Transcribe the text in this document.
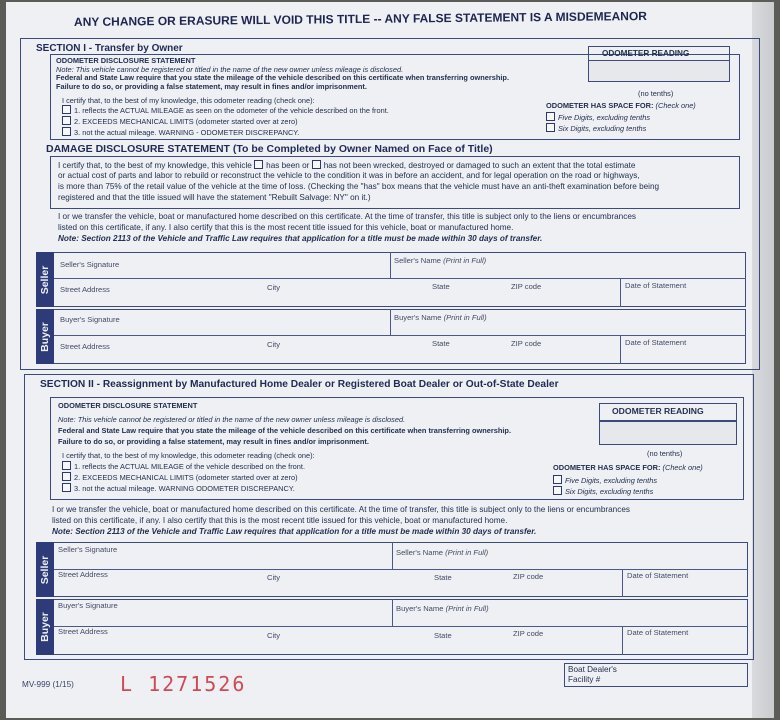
ANY CHANGE OR ERASURE WILL VOID THIS TITLE -- ANY FALSE STATEMENT IS A MISDEMEANOR
SECTION I - Transfer by Owner
ODOMETER DISCLOSURE STATEMENT
Note: This vehicle cannot be registered or titled in the name of the new owner unless mileage is disclosed.
Federal and State Law require that you state the mileage of the vehicle described on this certificate when transferring ownership.
Failure to do so, or providing a false statement, may result in fines and/or imprisonment.
ODOMETER READING
(no tenths)
I certify that, to the best of my knowledge, this odometer reading (check one):
1. reflects the ACTUAL MILEAGE as seen on the odometer of the vehicle described on the front.
2. EXCEEDS MECHANICAL LIMITS (odometer started over at zero)
3. not the actual mileage. WARNING - ODOMETER DISCREPANCY.
ODOMETER HAS SPACE FOR: (Check one)
Five Digits, excluding tenths
Six Digits, excluding tenths
DAMAGE DISCLOSURE STATEMENT (To be Completed by Owner Named on Face of Title)
I certify that, to the best of my knowledge, this vehicle has been or has not been wrecked, destroyed or damaged to such an extent that the total estimate
or actual cost of parts and labor to rebuild or reconstruct the vehicle to the condition it was in before an accident, and for legal operation on the road or highways,
is more than 75% of the retail value of the vehicle at the time of loss. (Checking the "has" box means that the vehicle must have an anti-theft examination before being
registered and that the title issued will have the statement "Rebuilt Salvage: NY" on it.)
I or we transfer the vehicle, boat or manufactured home described on this certificate. At the time of transfer, this title is subject only to the liens or encumbrances
listed on this certificate, if any. I also certify that this is the most recent title issued for this vehicle, boat or manufactured home.
Note: Section 2113 of the Vehicle and Traffic Law requires that application for a title must be made within 30 days of transfer.
Seller
Seller's Signature	Seller's Name (Print in Full)
Street Address	City	State	ZIP code	Date of Statement
Buyer
Buyer's Signature	Buyer's Name (Print in Full)
Street Address	City	State	ZIP code	Date of Statement
SECTION II - Reassignment by Manufactured Home Dealer or Registered Boat Dealer or Out-of-State Dealer
ODOMETER DISCLOSURE STATEMENT
Note: This vehicle cannot be registered or titled in the name of the new owner unless mileage is disclosed.
Federal and State Law require that you state the mileage of the vehicle described on this certificate when transferring ownership.
Failure to do so, or providing a false statement, may result in fines and/or imprisonment.
ODOMETER READING
(no tenths)
I certify that, to the best of my knowledge, this odometer reading (check one):
1. reflects the ACTUAL MILEAGE of the vehicle described on the front.
2. EXCEEDS MECHANICAL LIMITS (odometer started over at zero)
3. not the actual mileage. WARNING ODOMETER DISCREPANCY.
ODOMETER HAS SPACE FOR: (Check one)
Five Digits, excluding tenths
Six Digits, excluding tenths
I or we transfer the vehicle, boat or manufactured home described on this certificate. At the time of transfer, this title is subject only to the liens or encumbrances
listed on this certificate, if any. I also certify that this is the most recent title issued for this vehicle, boat or manufactured home.
Note: Section 2113 of the Vehicle and Traffic Law requires that application for a title must be made within 30 days of transfer.
Seller
Seller's Signature	Seller's Name (Print in Full)
Street Address	City	State	ZIP code	Date of Statement
Buyer
Buyer's Signature	Buyer's Name (Print in Full)
Street Address	City	State	ZIP code	Date of Statement
MV-999 (1/15) L 1271526
Boat Dealer's
Facility #
